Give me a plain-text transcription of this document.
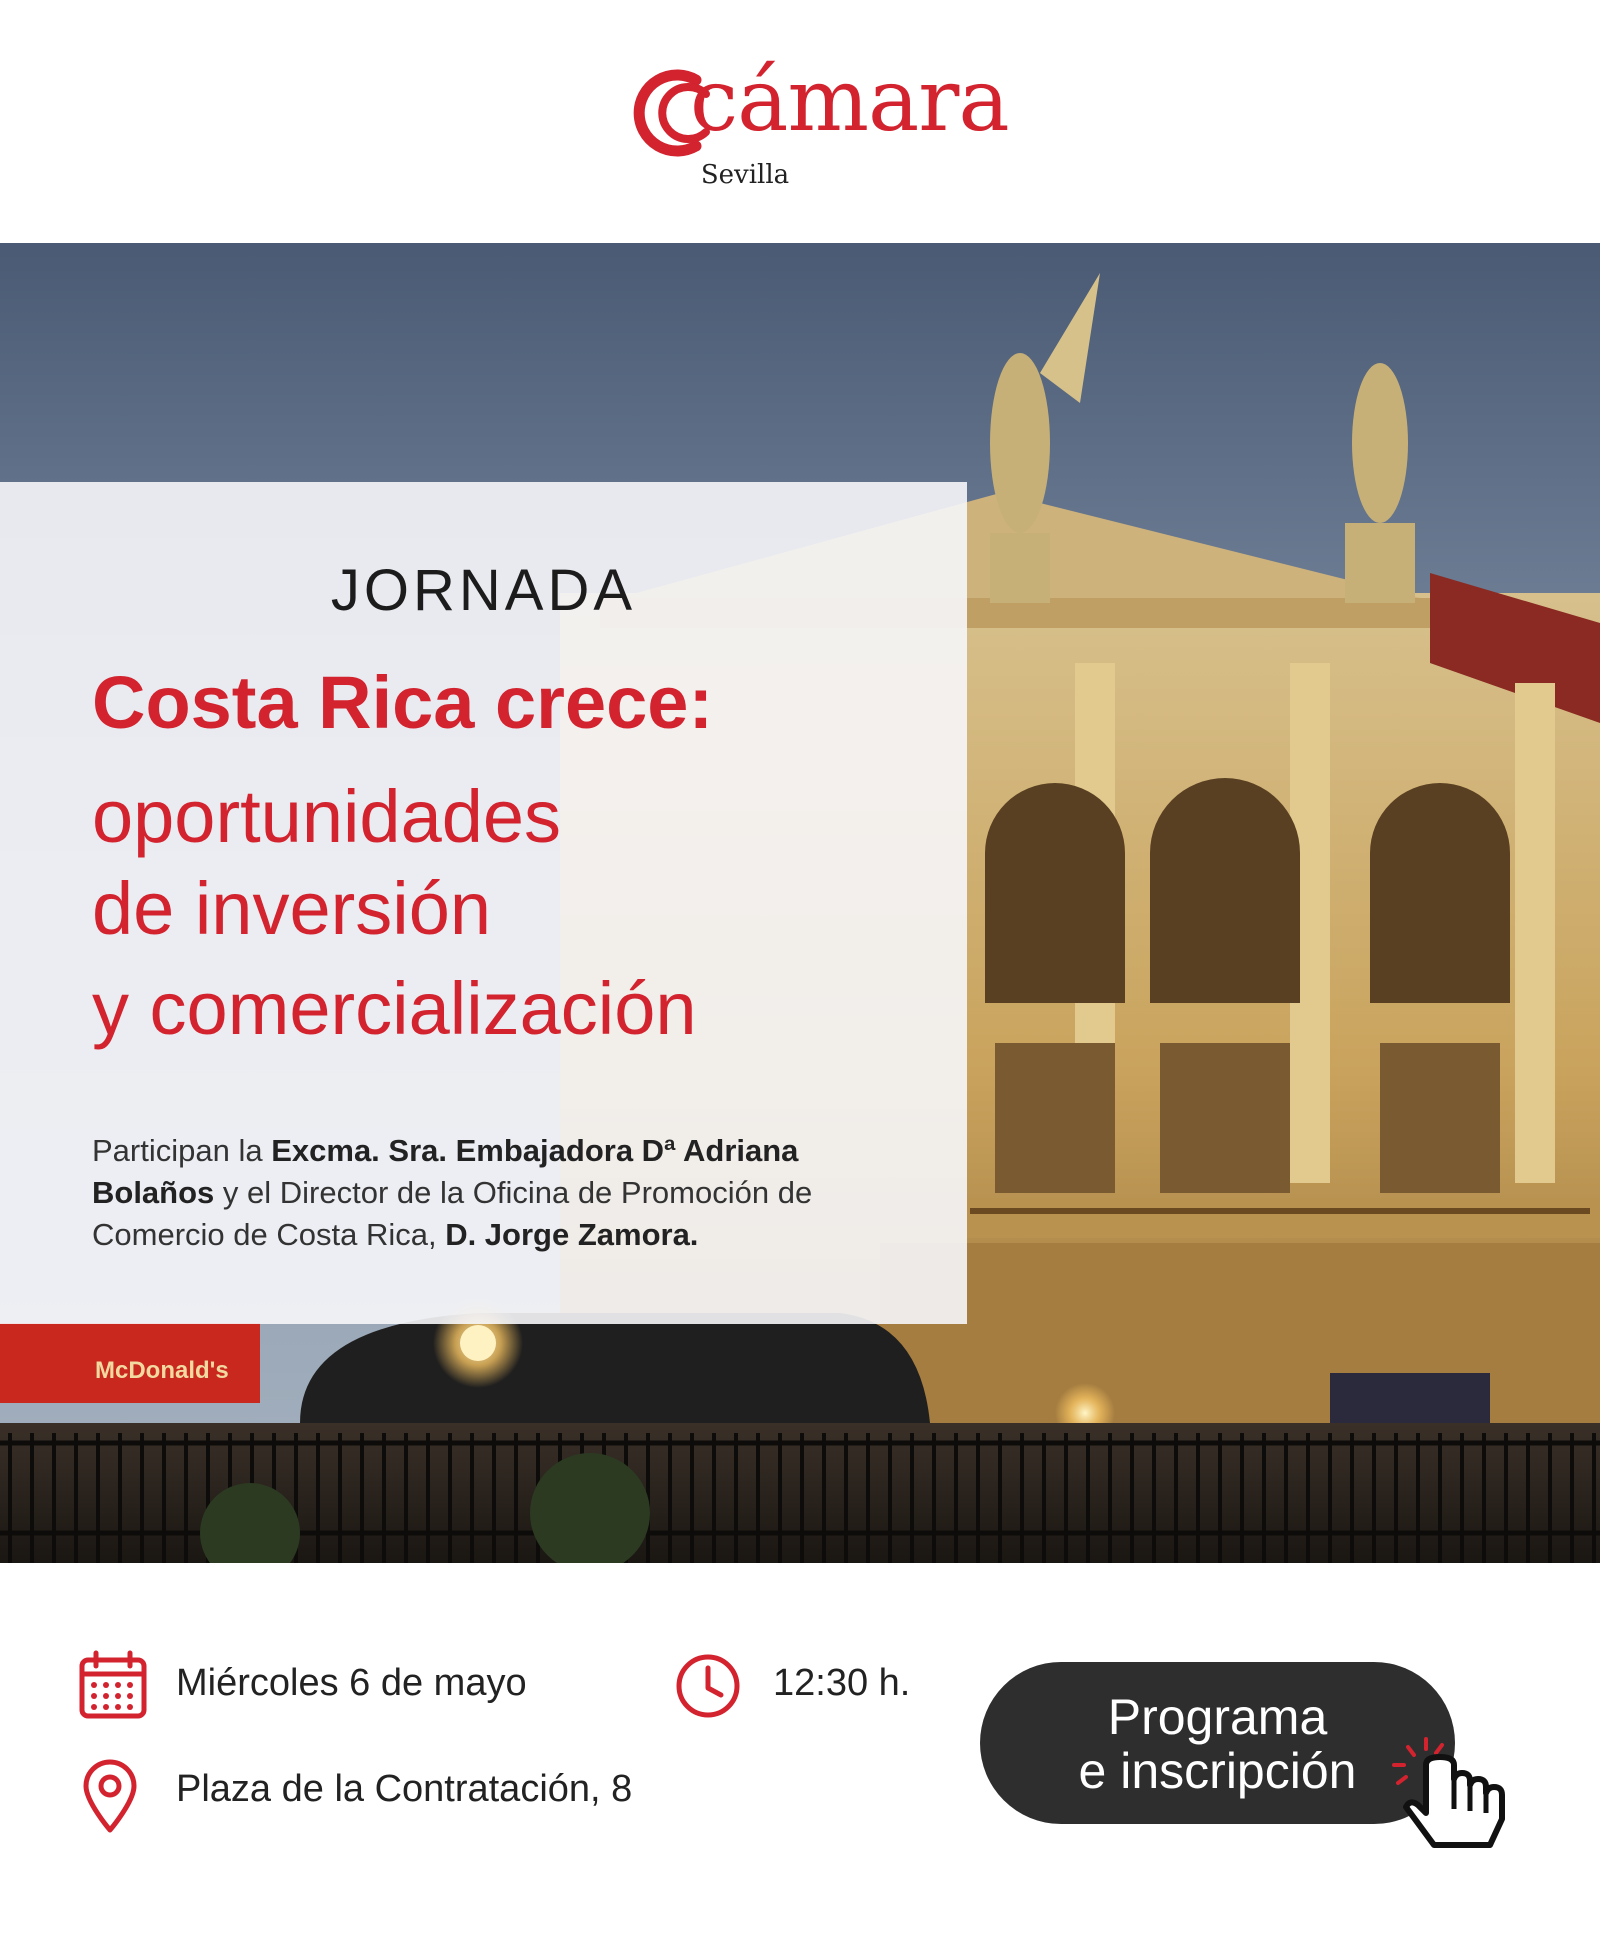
cámara
Sevilla
McDonald's
JORNADA
Costa Rica crece:
oportunidades
de inversión
y comercialización
Participan la Excma. Sra. Embajadora Dª Adriana Bolaños y el Director de la Oficina de Promoción de Comercio de Costa Rica, D. Jorge Zamora.
Miércoles 6 de mayo	12:30 h.
Plaza de la Contratación, 8
Programa
e inscripción
